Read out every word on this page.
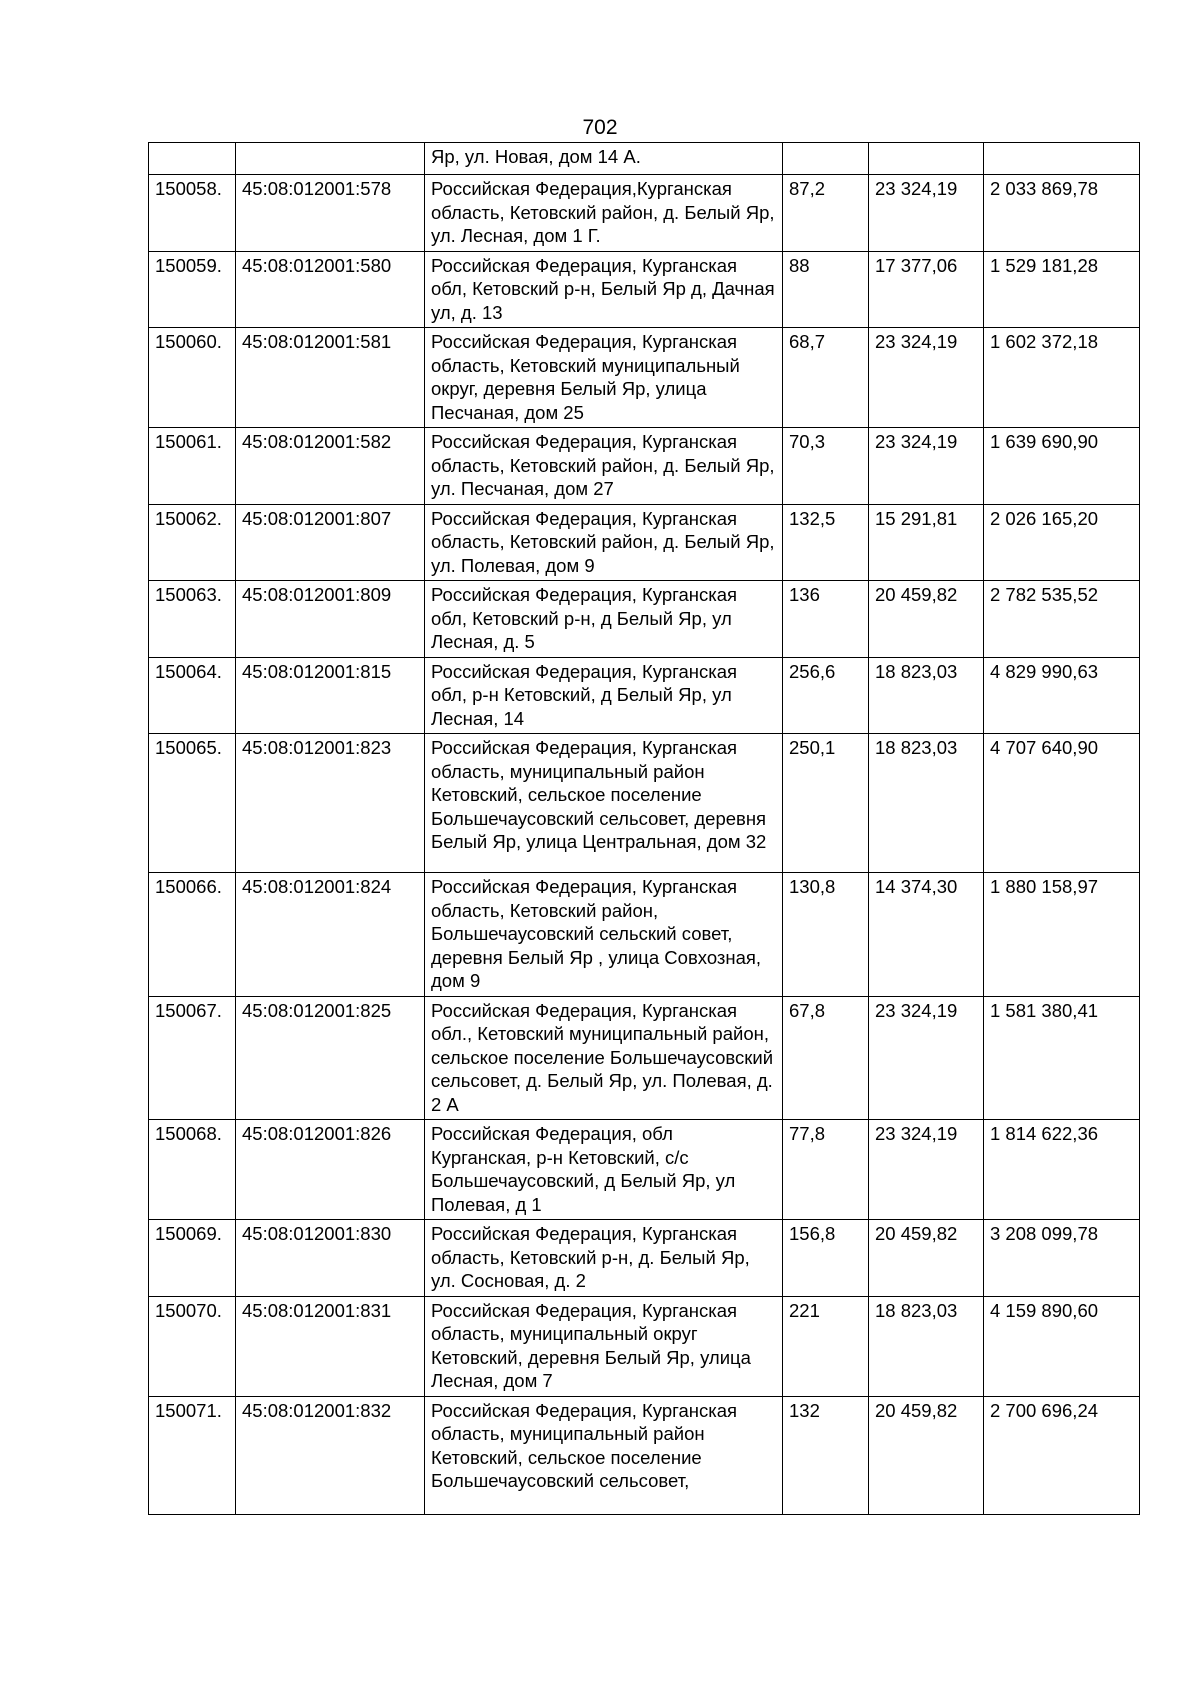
702
		Яр, ул. Новая, дом 14 А.			
150058.	45:08:012001:578	Российская Федерация,Курганская область, Кетовский район, д. Белый Яр, ул. Лесная, дом 1 Г.	87,2	23 324,19	2 033 869,78
150059.	45:08:012001:580	Российская Федерация, Курганская обл, Кетовский р-н, Белый Яр д, Дачная ул, д. 13	88	17 377,06	1 529 181,28
150060.	45:08:012001:581	Российская Федерация, Курганская область, Кетовский муниципальный округ, деревня Белый Яр, улица Песчаная, дом 25	68,7	23 324,19	1 602 372,18
150061.	45:08:012001:582	Российская Федерация, Курганская область, Кетовский район, д. Белый Яр, ул. Песчаная, дом 27	70,3	23 324,19	1 639 690,90
150062.	45:08:012001:807	Российская Федерация, Курганская область, Кетовский район, д. Белый Яр, ул. Полевая, дом 9	132,5	15 291,81	2 026 165,20
150063.	45:08:012001:809	Российская Федерация, Курганская обл, Кетовский р-н, д Белый Яр, ул Лесная, д. 5	136	20 459,82	2 782 535,52
150064.	45:08:012001:815	Российская Федерация, Курганская обл, р-н Кетовский, д Белый Яр, ул Лесная, 14	256,6	18 823,03	4 829 990,63
150065.	45:08:012001:823	Российская Федерация, Курганская область, муниципальный район Кетовский, сельское поселение Большечаусовский сельсовет, деревня Белый Яр, улица Центральная, дом 32	250,1	18 823,03	4 707 640,90
150066.	45:08:012001:824	Российская Федерация, Курганская область, Кетовский район, Большечаусовский сельский совет, деревня Белый Яр , улица Совхозная, дом 9	130,8	14 374,30	1 880 158,97
150067.	45:08:012001:825	Российская Федерация, Курганская обл., Кетовский муниципальный район, сельское поселение Большечаусовский сельсовет, д. Белый Яр, ул. Полевая, д. 2 А	67,8	23 324,19	1 581 380,41
150068.	45:08:012001:826	Российская Федерация, обл Курганская, р-н Кетовский, с/с Большечаусовский, д Белый Яр, ул Полевая, д 1	77,8	23 324,19	1 814 622,36
150069.	45:08:012001:830	Российская Федерация, Курганская область, Кетовский р-н, д. Белый Яр, ул. Сосновая, д. 2	156,8	20 459,82	3 208 099,78
150070.	45:08:012001:831	Российская Федерация, Курганская область, муниципальный округ Кетовский, деревня Белый Яр, улица Лесная, дом 7	221	18 823,03	4 159 890,60
150071.	45:08:012001:832	Российская Федерация, Курганская область, муниципальный район Кетовский, сельское поселение Большечаусовский сельсовет,	132	20 459,82	2 700 696,24
